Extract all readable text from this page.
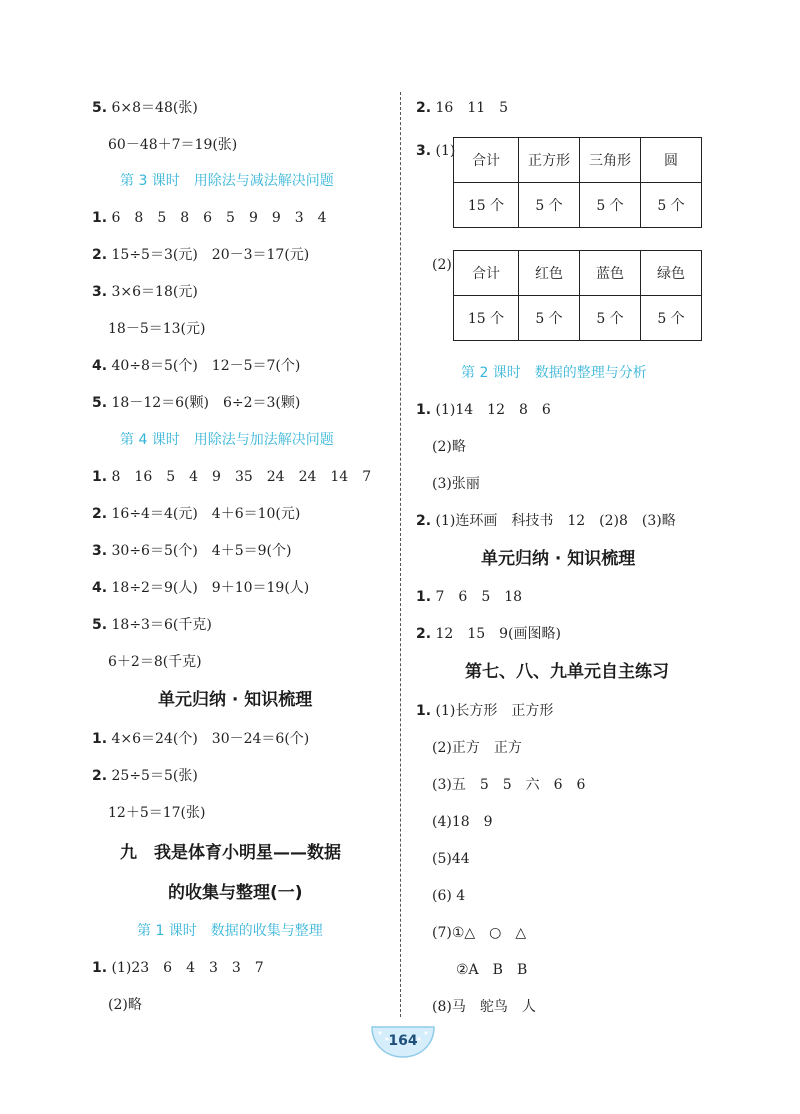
5. 6×8＝48(张)
60－48＋7＝19(张)
第 3 课时　用除法与减法解决问题
1. 6　8　5　8　6　5　9　9　3　4
2. 15÷5＝3(元)　20－3＝17(元)
3. 3×6＝18(元)
18－5＝13(元)
4. 40÷8＝5(个)　12－5＝7(个)
5. 18－12＝6(颗)　6÷2＝3(颗)
第 4 课时　用除法与加法解决问题
1. 8　16　5　4　9　35　24　24　14　7
2. 16÷4＝4(元)　4＋6＝10(元)
3. 30÷6＝5(个)　4＋5＝9(个)
4. 18÷2＝9(人)　9＋10＝19(人)
5. 18÷3＝6(千克)
6＋2＝8(千克)
单元归纳 · 知识梳理
1. 4×6＝24(个)　30－24＝6(个)
2. 25÷5＝5(张)
12＋5＝17(张)
九　我是体育小明星——数据
的收集与整理(一)
第 1 课时　数据的收集与整理
1. (1)23　6　4　3　3　7
(2)略
2. 16　11　5
3. (1)
合计	正方形	三角形	圆
15 个	5 个	5 个	5 个
(2)
合计	红色	蓝色	绿色
15 个	5 个	5 个	5 个
第 2 课时　数据的整理与分析
1. (1)14　12　8　6
(2)略
(3)张丽
2. (1)连环画　科技书　12　(2)8　(3)略
单元归纳 · 知识梳理
1. 7　6　5　18
2. 12　15　9(画图略)
第七、八、九单元自主练习
1. (1)长方形　正方形
(2)正方　正方
(3)五　5　5　六　6　6
(4)18　9
(5)44
(6) 4
(7)①△　○　△
②A　B　B
(8)马　鸵鸟　人
164
